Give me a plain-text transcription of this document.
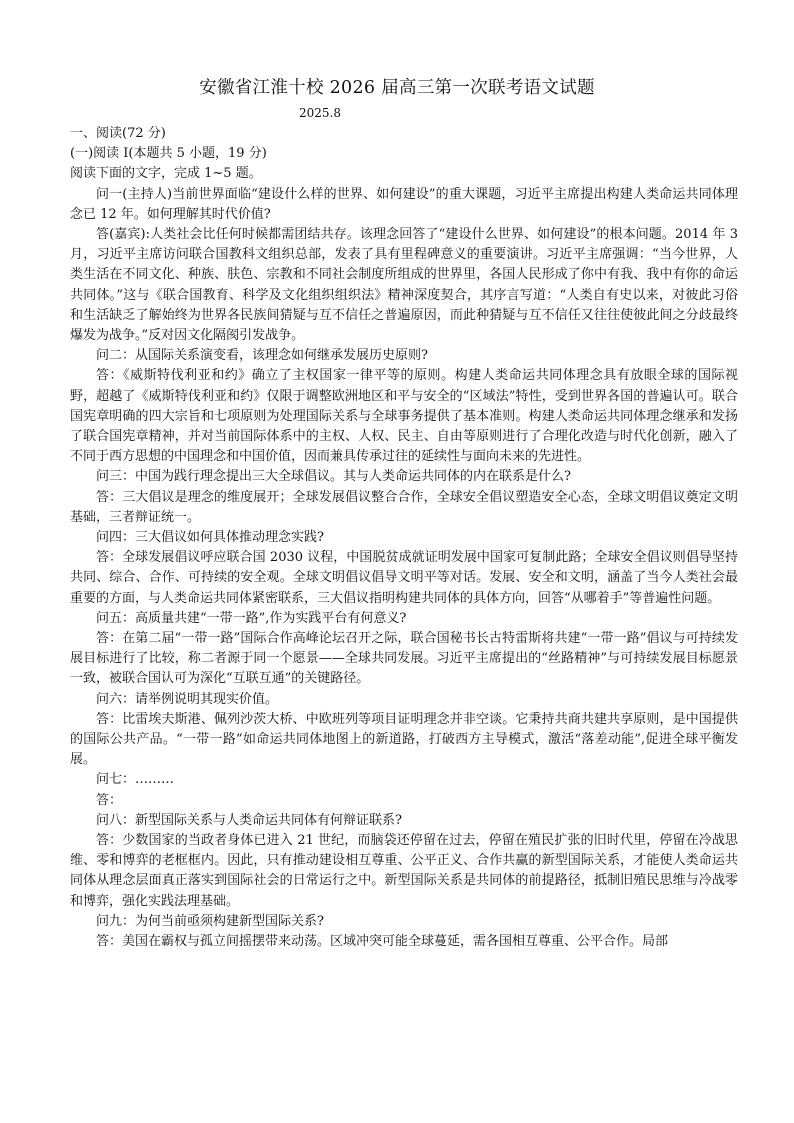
安徽省江淮十校 2026 届高三第一次联考语文试题
2025.8
一、阅读(72 分)
(一)阅读 I(本题共 5 小题，19 分)
阅读下面的文字，完成 1~5 题。

问一(主持人)当前世界面临“建设什么样的世界、如何建设”的重大课题，习近平主席提出构建人类命运共同体理念已 12 年。如何理解其时代价值?

答(嘉宾):人类社会比任何时候都需团结共存。该理念回答了“建设什么世界、如何建设”的根本问题。2014 年 3 月，习近平主席访问联合国教科文组织总部，发表了具有里程碑意义的重要演讲。习近平主席强调：“当今世界，人类生活在不同文化、种族、肤色、宗教和不同社会制度所组成的世界里，各国人民形成了你中有我、我中有你的命运共同体。”这与《联合国教育、科学及文化组织组织法》精神深度契合，其序言写道：“人类自有史以来，对彼此习俗和生活缺乏了解始终为世界各民族间猜疑与互不信任之普遍原因，而此种猜疑与互不信任又往往使彼此间之分歧最终爆发为战争。”反对因文化隔阂引发战争。

问二：从国际关系演变看，该理念如何继承发展历史原则?

答：《威斯特伐利亚和约》确立了主权国家一律平等的原则。构建人类命运共同体理念具有放眼全球的国际视野，超越了《威斯特伐利亚和约》仅限于调整欧洲地区和平与安全的“区域法”特性，受到世界各国的普遍认可。联合国宪章明确的四大宗旨和七项原则为处理国际关系与全球事务提供了基本准则。构建人类命运共同体理念继承和发扬了联合国宪章精神，并对当前国际体系中的主权、人权、民主、自由等原则进行了合理化改造与时代化创新，融入了不同于西方思想的中国理念和中国价值，因而兼具传承过往的延续性与面向未来的先进性。

问三：中国为践行理念提出三大全球倡议。其与人类命运共同体的内在联系是什么?

答：三大倡议是理念的维度展开；全球发展倡议整合合作，全球安全倡议塑造安全心态，全球文明倡议奠定文明基础，三者辩证统一。

问四：三大倡议如何具体推动理念实践?

答：全球发展倡议呼应联合国 2030 议程，中国脱贫成就证明发展中国家可复制此路；全球安全倡议则倡导坚持共同、综合、合作、可持续的安全观。全球文明倡议倡导文明平等对话。发展、安全和文明，涵盖了当今人类社会最重要的方面，与人类命运共同体紧密联系，三大倡议指明构建共同体的具体方向，回答“从哪着手”等普遍性问题。

问五：高质量共建“一带一路”,作为实践平台有何意义?

答：在第二届“一带一路”国际合作高峰论坛召开之际，联合国秘书长古特雷斯将共建“一带一路”倡议与可持续发展目标进行了比较，称二者源于同一个愿景——全球共同发展。习近平主席提出的“丝路精神”与可持续发展目标愿景一致，被联合国认可为深化“互联互通”的关键路径。

问六：请举例说明其现实价值。

答：比雷埃夫斯港、佩列沙茨大桥、中欧班列等项目证明理念并非空谈。它秉持共商共建共享原则，是中国提供的国际公共产品。“一带一路”如命运共同体地图上的新道路，打破西方主导模式，激活“落差动能”,促进全球平衡发展。

问七：………

答：

问八：新型国际关系与人类命运共同体有何辩证联系?

答：少数国家的当政者身体已进入 21 世纪，而脑袋还停留在过去，停留在殖民扩张的旧时代里，停留在冷战思维、零和博弈的老框框内。因此，只有推动建设相互尊重、公平正义、合作共赢的新型国际关系，才能使人类命运共同体从理念层面真正落实到国际社会的日常运行之中。新型国际关系是共同体的前提路径，抵制旧殖民思维与冷战零和博弈，强化实践法理基础。

问九：为何当前亟须构建新型国际关系?

答：美国在霸权与孤立间摇摆带来动荡。区域冲突可能全球蔓延，需各国相互尊重、公平合作。局部
